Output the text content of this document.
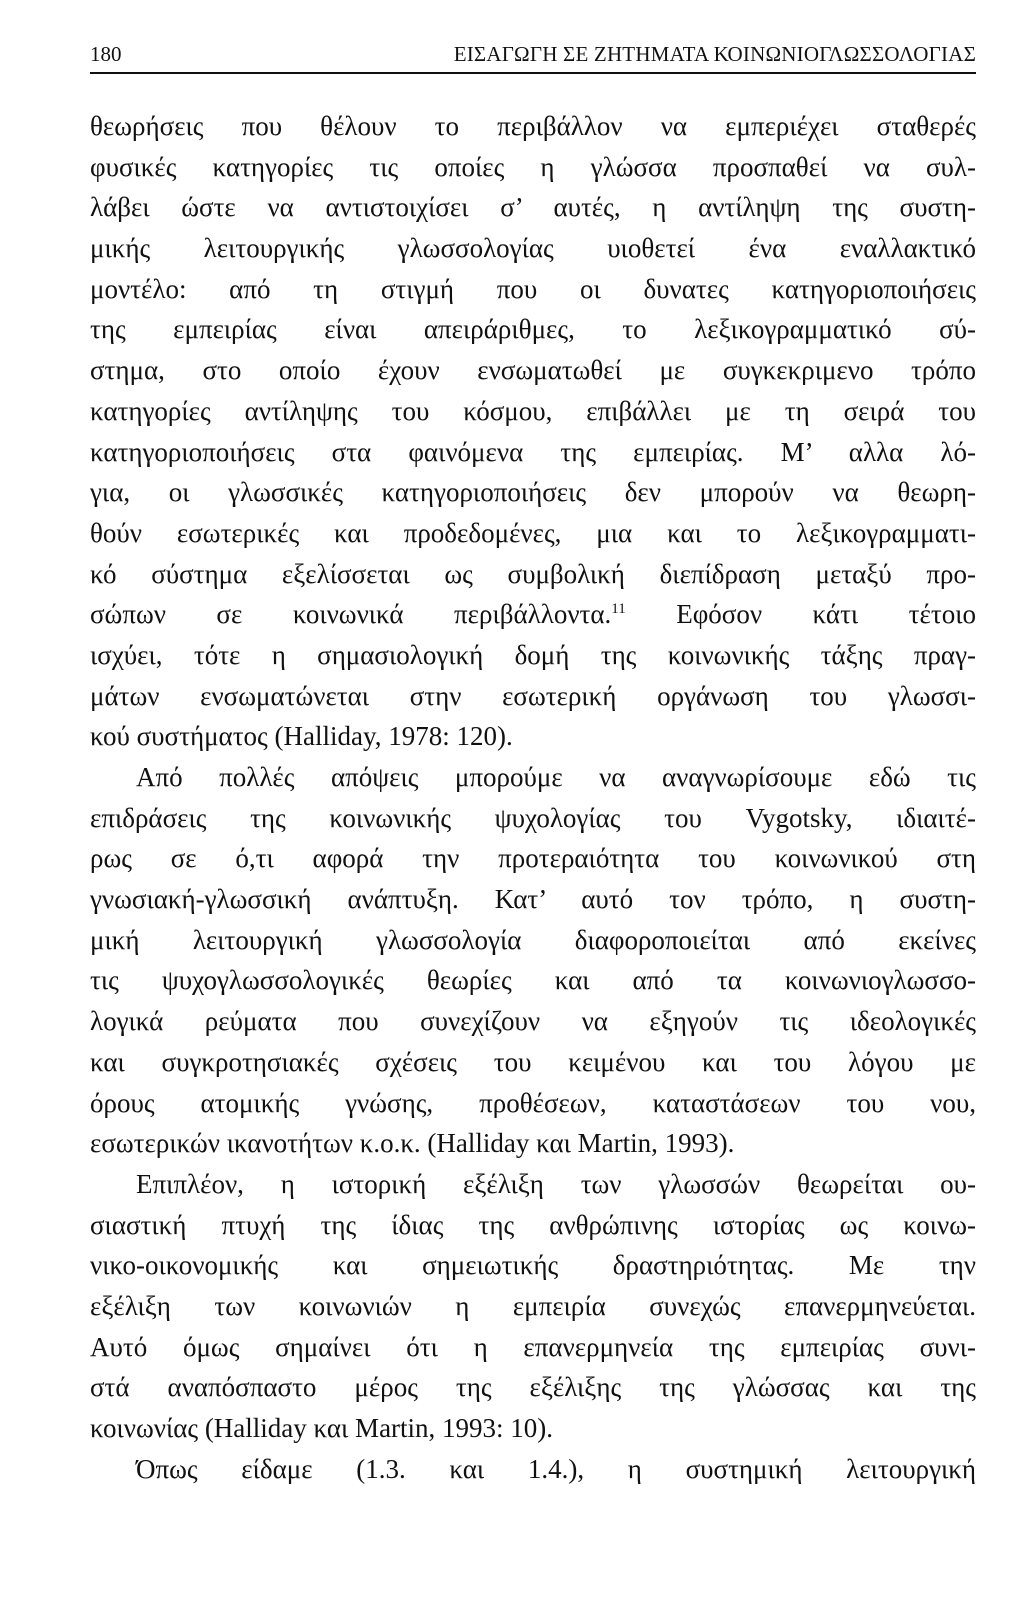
180	ΕΙΣΑΓΩΓΗ ΣΕ ΖΗΤΗΜΑΤΑ ΚΟΙΝΩΝΙΟΓΛΩΣΣΟΛΟΓΙΑΣ
θεωρήσεις που θέλουν το περιβάλλον να εμπεριέχει σταθερές
φυσικές κατηγορίες τις οποίες η γλώσσα προσπαθεί να συλ-
λάβει ώστε να αντιστοιχίσει σ’ αυτές, η αντίληψη της συστη-
μικής λειτουργικής γλωσσολογίας υιοθετεί ένα εναλλακτικό
μοντέλο: από τη στιγμή που οι δυνατες κατηγοριοποιήσεις
της εμπειρίας είναι απειράριθμες, το λεξικογραμματικό σύ-
στημα, στο οποίο έχουν ενσωματωθεί με συγκεκριμενο τρόπο
κατηγορίες αντίληψης του κόσμου, επιβάλλει με τη σειρά του
κατηγοριοποιήσεις στα φαινόμενα της εμπειρίας. Μ’ αλλα λό-
για, οι γλωσσικές κατηγοριοποιήσεις δεν μπορούν να θεωρη-
θούν εσωτερικές και προδεδομένες, μια και το λεξικογραμματι-
κό σύστημα εξελίσσεται ως συμβολική διεπίδραση μεταξύ προ-
σώπων σε κοινωνικά περιβάλλοντα.$^{11}$ Εφόσον κάτι τέτοιο
ισχύει, τότε η σημασιολογική δομή της κοινωνικής τάξης πραγ-
μάτων ενσωματώνεται στην εσωτερική οργάνωση του γλωσσι-
κού συστήματος (Halliday, 1978: 120).
Από πολλές απόψεις μπορούμε να αναγνωρίσουμε εδώ τις
επιδράσεις της κοινωνικής ψυχολογίας του Vygotsky, ιδιαιτέ-
ρως σε ό,τι αφορά την προτεραιότητα του κοινωνικού στη
γνωσιακή-γλωσσική ανάπτυξη. Κατ’ αυτό τον τρόπο, η συστη-
μική λειτουργική γλωσσολογία διαφοροποιείται από εκείνες
τις ψυχογλωσσολογικές θεωρίες και από τα κοινωνιογλωσσο-
λογικά ρεύματα που συνεχίζουν να εξηγούν τις ιδεολογικές
και συγκροτησιακές σχέσεις του κειμένου και του λόγου με
όρους ατομικής γνώσης, προθέσεων, καταστάσεων του νου,
εσωτερικών ικανοτήτων κ.ο.κ. (Halliday και Martin, 1993).
Επιπλέον, η ιστορική εξέλιξη των γλωσσών θεωρείται ου-
σιαστική πτυχή της ίδιας της ανθρώπινης ιστορίας ως κοινω-
νικο-οικονομικής και σημειωτικής δραστηριότητας. Με την
εξέλιξη των κοινωνιών η εμπειρία συνεχώς επανερμηνεύεται.
Αυτό όμως σημαίνει ότι η επανερμηνεία της εμπειρίας συνι-
στά αναπόσπαστο μέρος της εξέλιξης της γλώσσας και της
κοινωνίας (Halliday και Martin, 1993: 10).
Όπως είδαμε (1.3. και 1.4.), η συστημική λειτουργική
